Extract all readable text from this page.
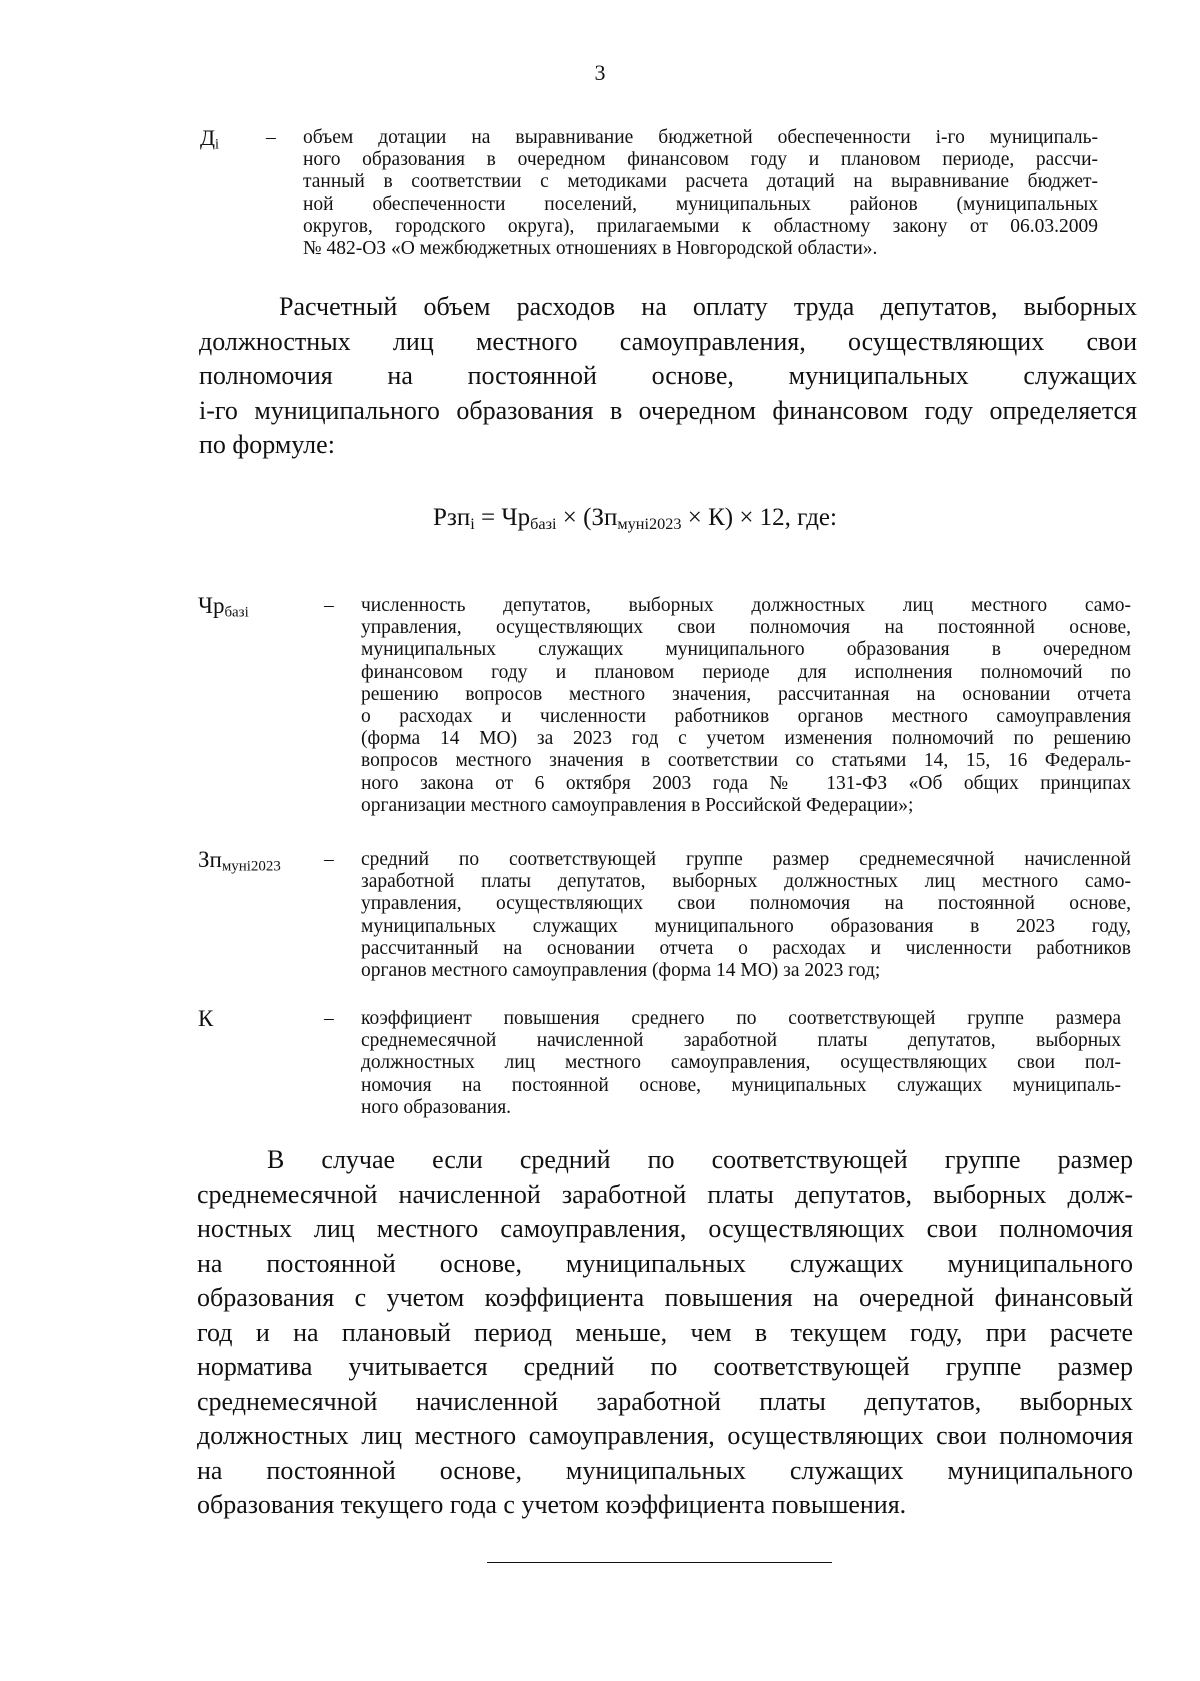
3
$Д_i$ – объем дотации на выравнивание бюджетной обеспеченности i-го муниципаль-
ного образования в очередном финансовом году и плановом периоде, рассчи-
танный в соответствии с методиками расчета дотаций на выравнивание бюджет-
ной обеспеченности поселений, муниципальных районов (муниципальных
округов, городского округа), прилагаемыми к областному закону от 06.03.2009
№ 482-ОЗ «О межбюджетных отношениях в Новгородской области».
Расчетный объем расходов на оплату труда депутатов, выборных
должностных лиц местного самоуправления, осуществляющих свои
полномочия на постоянной основе, муниципальных служащих
i-го муниципального образования в очередном финансовом году определяется
по формуле:
$Рзп_i = Чр_{базi} \times (Зп_{мунi2023} \times К) \times 12$, где:
$Чр_{базi}$	– численность депутатов, выборных должностных лиц местного само-
управления, осуществляющих свои полномочия на постоянной основе,
муниципальных служащих муниципального образования в очередном
финансовом году и плановом периоде для исполнения полномочий по
решению вопросов местного значения, рассчитанная на основании отчета
о расходах и численности работников органов местного самоуправления
(форма 14 МО) за 2023 год с учетом изменения полномочий по решению
вопросов местного значения в соответствии со статьями 14, 15, 16 Федераль-
ного закона от 6 октября 2003 года № 131-ФЗ «Об общих принципах
организации местного самоуправления в Российской Федерации»;
$Зп_{мунi2023}$ – средний по соответствующей группе размер среднемесячной начисленной
заработной платы депутатов, выборных должностных лиц местного само-
управления, осуществляющих свои полномочия на постоянной основе,
муниципальных служащих муниципального образования в 2023 году,
рассчитанный на основании отчета о расходах и численности работников
органов местного самоуправления (форма 14 МО) за 2023 год;
К	– коэффициент повышения среднего по соответствующей группе размера
среднемесячной начисленной заработной платы депутатов, выборных
должностных лиц местного самоуправления, осуществляющих свои пол-
номочия на постоянной основе, муниципальных служащих муниципаль-
ного образования.
В случае если средний по соответствующей группе размер
среднемесячной начисленной заработной платы депутатов, выборных долж-
ностных лиц местного самоуправления, осуществляющих свои полномочия
на постоянной основе, муниципальных служащих муниципального
образования с учетом коэффициента повышения на очередной финансовый
год и на плановый период меньше, чем в текущем году, при расчете
норматива учитывается средний по соответствующей группе размер
среднемесячной начисленной заработной платы депутатов, выборных
должностных лиц местного самоуправления, осуществляющих свои полномочия
на постоянной основе, муниципальных служащих муниципального
образования текущего года с учетом коэффициента повышения.
